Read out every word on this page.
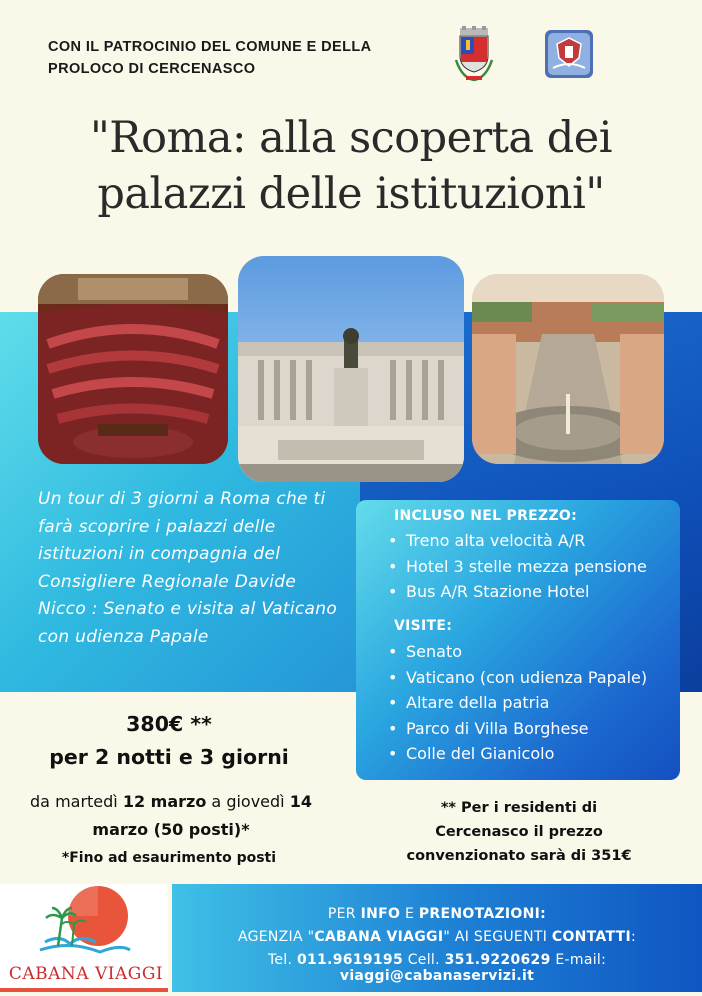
CON IL PATROCINIO DEL COMUNE E DELLA
PROLOCO DI CERCENASCO
"Roma: alla scoperta dei
palazzi delle istituzioni"
Un tour di 3 giorni a Roma che ti farà scoprire i palazzi delle istituzioni in compagnia del Consigliere Regionale Davide Nicco : Senato e visita al Vaticano con udienza Papale
INCLUSO NEL PREZZO:
• Treno alta velocità A/R
• Hotel 3 stelle mezza pensione
• Bus A/R Stazione Hotel
VISITE:
• Senato
• Vaticano (con udienza Papale)
• Altare della patria
• Parco di Villa Borghese
• Colle del Gianicolo
380€ **
per 2 notti e 3 giorni
da martedì 12 marzo a giovedì 14 marzo (50 posti)*
*Fino ad esaurimento posti
** Per i residenti di
Cercenasco il prezzo
convenzionato sarà di 351€
CABANA VIAGGI
PER INFO E PRENOTAZIONI:
AGENZIA "CABANA VIAGGI" AI SEGUENTI CONTATTI:
Tel. 011.9619195 Cell. 351.9220629 E-mail: viaggi@cabanaservizi.it
